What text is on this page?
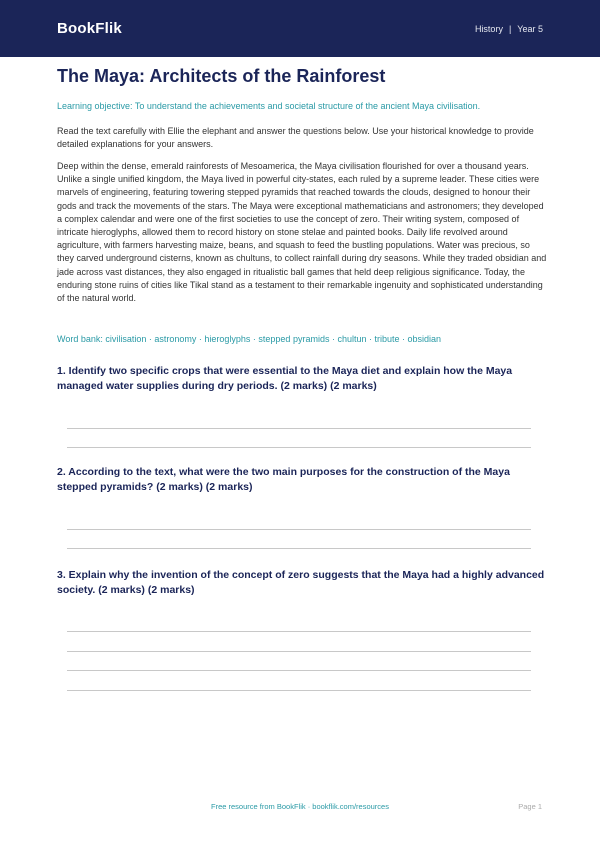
BookFlik	History | Year 5
The Maya: Architects of the Rainforest
Learning objective: To understand the achievements and societal structure of the ancient Maya civilisation.
Read the text carefully with Ellie the elephant and answer the questions below. Use your historical knowledge to provide detailed explanations for your answers.
Deep within the dense, emerald rainforests of Mesoamerica, the Maya civilisation flourished for over a thousand years. Unlike a single unified kingdom, the Maya lived in powerful city-states, each ruled by a supreme leader. These cities were marvels of engineering, featuring towering stepped pyramids that reached towards the clouds, designed to honour their gods and track the movements of the stars. The Maya were exceptional mathematicians and astronomers; they developed a complex calendar and were one of the first societies to use the concept of zero. Their writing system, composed of intricate hieroglyphs, allowed them to record history on stone stelae and painted books. Daily life revolved around agriculture, with farmers harvesting maize, beans, and squash to feed the bustling populations. Water was precious, so they carved underground cisterns, known as chultuns, to collect rainfall during dry seasons. While they traded obsidian and jade across vast distances, they also engaged in ritualistic ball games that held deep religious significance. Today, the enduring stone ruins of cities like Tikal stand as a testament to their remarkable ingenuity and sophisticated understanding of the natural world.
Word bank: civilisation · astronomy · hieroglyphs · stepped pyramids · chultun · tribute · obsidian
1. Identify two specific crops that were essential to the Maya diet and explain how the Maya managed water supplies during dry periods. (2 marks) (2 marks)
2. According to the text, what were the two main purposes for the construction of the Maya stepped pyramids? (2 marks) (2 marks)
3. Explain why the invention of the concept of zero suggests that the Maya had a highly advanced society. (2 marks) (2 marks)
Free resource from BookFlik · bookflik.com/resources	Page 1
